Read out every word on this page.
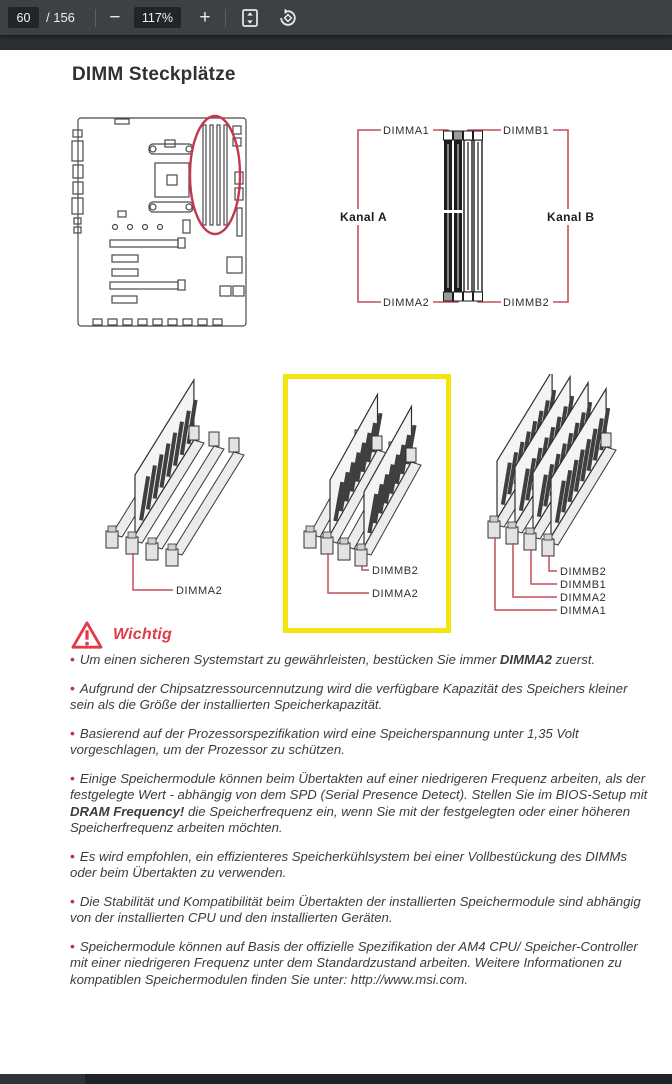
60
/ 156	−	117%	+
DIMM Steckplätze
DIMMA1	DIMMB1
Kanal A	Kanal B
DIMMA2	DIMMB2
DIMMA2
DIMMB2
DIMMA2
DIMMB2
DIMMB1
DIMMA2
DIMMA1
Wichtig

• Um einen sicheren Systemstart zu gewährleisten, bestücken Sie immer DIMMA2 zuerst.

• Aufgrund der Chipsatzressourcennutzung wird die verfügbare Kapazität des Speichers kleiner sein als die Größe der installierten Speicherkapazität.

• Basierend auf der Prozessorspezifikation wird eine Speicherspannung unter 1,35 Volt vorgeschlagen, um der Prozessor zu schützen.

• Einige Speichermodule können beim Übertakten auf einer niedrigeren Frequenz arbeiten, als der festgelegte Wert - abhängig von dem SPD (Serial Presence Detect). Stellen Sie im BIOS-Setup mit DRAM Frequency! die Speicherfrequenz ein, wenn Sie mit der festgelegten oder einer höheren Speicherfrequenz arbeiten möchten.

• Es wird empfohlen, ein effizienteres Speicherkühlsystem bei einer Vollbestückung des DIMMs oder beim Übertakten zu verwenden.

• Die Stabilität und Kompatibilität beim Übertakten der installierten Speichermodule sind abhängig von der installierten CPU und den installierten Geräten.

• Speichermodule können auf Basis der offizielle Spezifikation der AM4 CPU/ Speicher-Controller mit einer niedrigeren Frequenz unter dem Standardzustand arbeiten. Weitere Informationen zu kompatiblen Speichermodulen finden Sie unter: http://www.msi.com.
